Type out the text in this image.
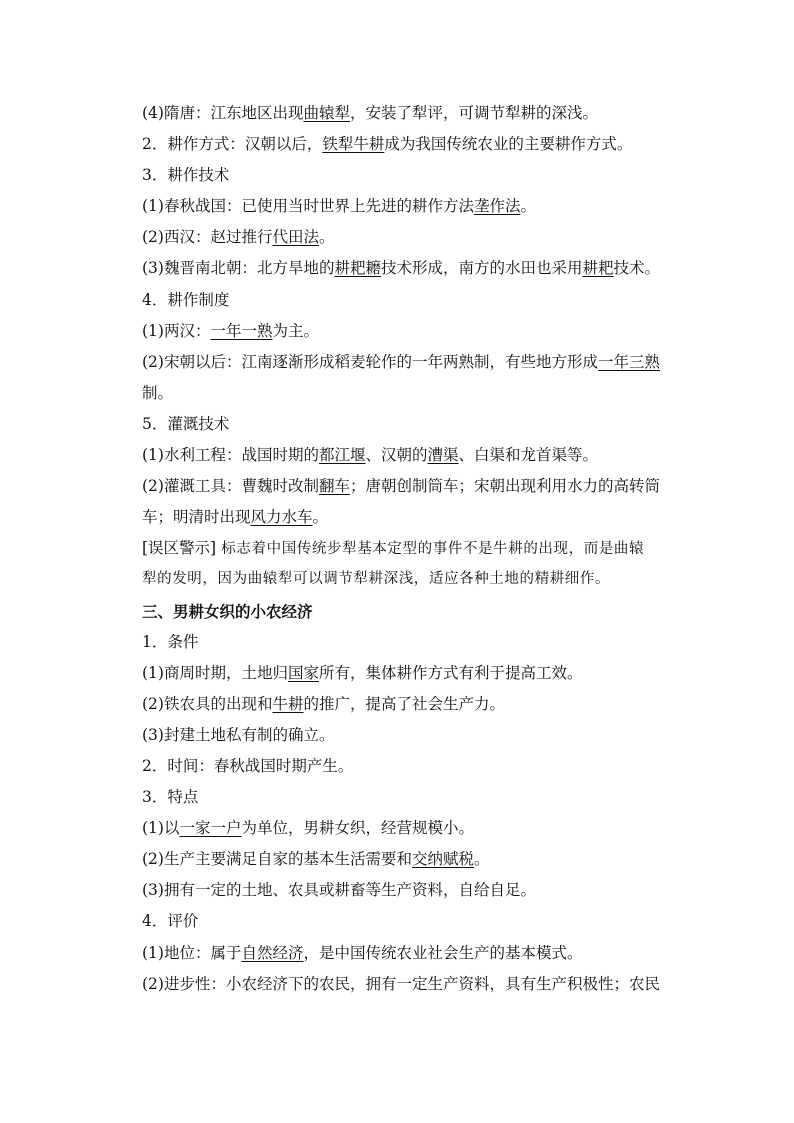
(4)隋唐：江东地区出现曲辕犁，安装了犁评，可调节犁耕的深浅。
2．耕作方式：汉朝以后，铁犁牛耕成为我国传统农业的主要耕作方式。
3．耕作技术
(1)春秋战国：已使用当时世界上先进的耕作方法垄作法。
(2)西汉：赵过推行代田法。
(3)魏晋南北朝：北方旱地的耕耙耱技术形成，南方的水田也采用耕耙技术。
4．耕作制度
(1)两汉：一年一熟为主。
(2)宋朝以后：江南逐渐形成稻麦轮作的一年两熟制，有些地方形成一年三熟
制。
5．灌溉技术
(1)水利工程：战国时期的都江堰、汉朝的漕渠、白渠和龙首渠等。
(2)灌溉工具：曹魏时改制翻车；唐朝创制筒车；宋朝出现利用水力的高转筒
车；明清时出现风力水车。
[误区警示] 标志着中国传统步犁基本定型的事件不是牛耕的出现，而是曲辕
犁的发明，因为曲辕犁可以调节犁耕深浅，适应各种土地的精耕细作。
三、男耕女织的小农经济
1．条件
(1)商周时期，土地归国家所有，集体耕作方式有利于提高工效。
(2)铁农具的出现和牛耕的推广，提高了社会生产力。
(3)封建土地私有制的确立。
2．时间：春秋战国时期产生。
3．特点
(1)以一家一户为单位，男耕女织，经营规模小。
(2)生产主要满足自家的基本生活需要和交纳赋税。
(3)拥有一定的土地、农具或耕畜等生产资料，自给自足。
4．评价
(1)地位：属于自然经济，是中国传统农业社会生产的基本模式。
(2)进步性：小农经济下的农民，拥有一定生产资料，具有生产积极性；农民
